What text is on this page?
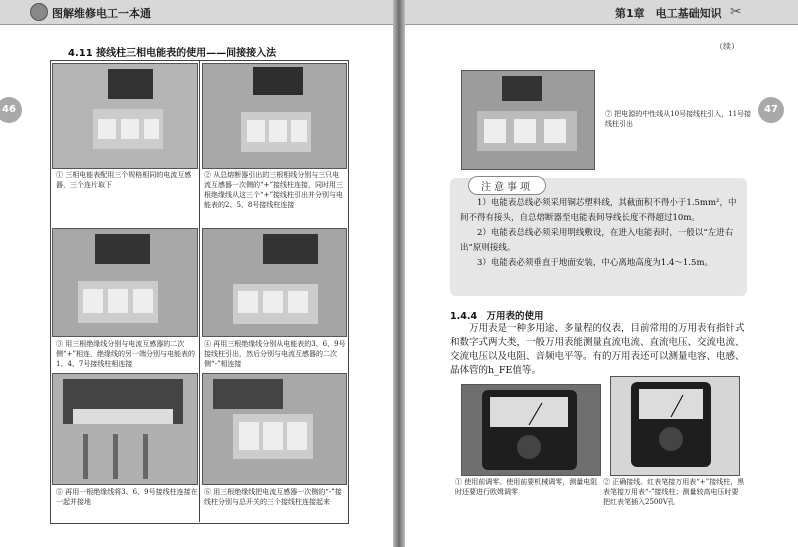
图解维修电工一本通
46
4.11 接线柱三相电能表的使用——间接接入法
① 三相电能表配用三个规格相同的电流互感器，三个连片取下
② 从总熔断器引出的三根相线分别与三只电流互感器一次侧的“+”接线柱连接，同时用三根绝缘线从这三个“+”接线柱引出并分别与电能表的2、5、8号接线柱连接
③ 用三根绝缘线分别与电流互感器的二次侧“+”相连，绝缘线的另一端分别与电能表的1、4、7号接线柱相连接
④ 再用三根绝缘线分别从电能表的3、6、9号接线柱引出，然后分别与电流互感器的二次侧“-”相连接
⑤ 再用一根绝缘线将3、6、9号接线柱连接在一起并接地
⑥ 用三根绝缘线把电流互感器一次侧的“-”接线柱分别与总开关的三个接线柱连接起来
第1章　电工基础知识 ✂
47
（续）
⑦ 把电源的中性线从10号接线柱引入，11号接线柱引出
注意事项

1）电能表总线必须采用铜芯塑料线，其截面积不得小于1.5mm²，中间不得有接头，自总熔断器至电能表间导线长度不得超过10m。

2）电能表总线必须采用明线敷设，在进入电能表时，一般以“左进右出”原则接线。

3）电能表必须垂直于地面安装，中心离地高度为1.4～1.5m。

1.4.4　万用表的使用

万用表是一种多用途、多量程的仪表，目前常用的万用表有指针式和数字式两大类，一般万用表能测量直流电流、直流电压、交流电流、交流电压以及电阻、音频电平等。有的万用表还可以测量电容、电感、晶体管的h_FE值等。

① 使用前调零。使用前要机械调零，测量电阻时还要进行欧姆调零
② 正确接线。红表笔接万用表“+”接线柱，黑表笔接万用表“-”接线柱；测量较高电压时要把红表笔插入2500V孔
